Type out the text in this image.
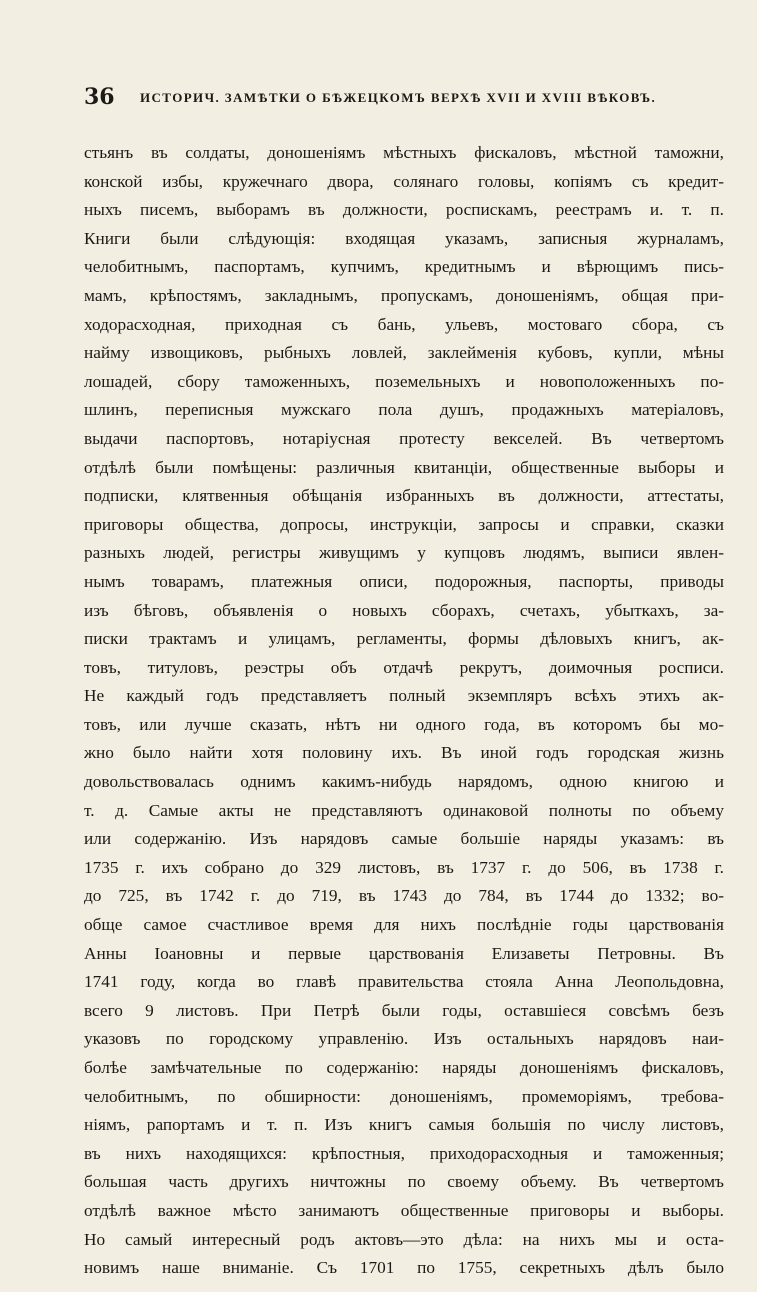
36 ИСТОРИЧ. ЗАМѢТКИ О БѢЖЕЦКОМЪ ВЕРХѢ XVII И XVIII ВѢКОВЪ.
стьянъ въ солдаты, доношеніямъ мѣстныхъ фискаловъ, мѣстной таможни,
конской избы, кружечнаго двора, солянаго головы, копіямъ съ кредит-
ныхъ писемъ, выборамъ въ должности, роспискамъ, реестрамъ и. т. п.
Книги были слѣдующія: входящая указамъ, записныя журналамъ,
челобитнымъ, паспортамъ, купчимъ, кредитнымъ и вѣрющимъ пись-
мамъ, крѣпостямъ, закладнымъ, пропускамъ, доношеніямъ, общая при-
ходорасходная, приходная съ бань, ульевъ, мостоваго сбора, съ
найму извощиковъ, рыбныхъ ловлей, заклейменія кубовъ, купли, мѣны
лошадей, сбору таможенныхъ, поземельныхъ и новоположенныхъ по-
шлинъ, переписныя мужскаго пола душъ, продажныхъ матеріаловъ,
выдачи паспортовъ, нотаріусная протесту векселей. Въ четвертомъ
отдѣлѣ были помѣщены: различныя квитанціи, общественные выборы и
подписки, клятвенныя обѣщанія избранныхъ въ должности, аттестаты,
приговоры общества, допросы, инструкціи, запросы и справки, сказки
разныхъ людей, регистры живущимъ у купцовъ людямъ, выписи явлен-
нымъ товарамъ, платежныя описи, подорожныя, паспорты, приводы
изъ бѣговъ, объявленія о новыхъ сборахъ, счетахъ, убыткахъ, за-
писки трактамъ и улицамъ, регламенты, формы дѣловыхъ книгъ, ак-
товъ, титуловъ, реэстры объ отдачѣ рекрутъ, доимочныя росписи.
Не каждый годъ представляетъ полный экземпляръ всѣхъ этихъ ак-
товъ, или лучше сказать, нѣтъ ни одного года, въ которомъ бы мо-
жно было найти хотя половину ихъ. Въ иной годъ городская жизнь
довольствовалась однимъ какимъ-нибудь нарядомъ, одною книгою и
т. д. Самые акты не представляютъ одинаковой полноты по объему
или содержанію. Изъ нарядовъ самые большіе наряды указамъ: въ
1735 г. ихъ собрано до 329 листовъ, въ 1737 г. до 506, въ 1738 г.
до 725, въ 1742 г. до 719, въ 1743 до 784, въ 1744 до 1332; во-
обще самое счастливое время для нихъ послѣдніе годы царствованія
Анны Іоановны и первые царствованія Елизаветы Петровны. Въ
1741 году, когда во главѣ правительства стояла Анна Леопольдовна,
всего 9 листовъ. При Петрѣ были годы, оставшіеся совсѣмъ безъ
указовъ по городскому управленію. Изъ остальныхъ нарядовъ наи-
болѣе замѣчательные по содержанію: наряды доношеніямъ фискаловъ,
челобитнымъ, по обширности: доношеніямъ, промеморіямъ, требова-
ніямъ, рапортамъ и т. п. Изъ книгъ самыя большія по числу листовъ,
въ нихъ находящихся: крѣпостныя, приходорасходныя и таможенныя;
большая часть другихъ ничтожны по своему объему. Въ четвертомъ
отдѣлѣ важное мѣсто занимаютъ общественные приговоры и выборы.
Но самый интересный родъ актовъ—это дѣла: на нихъ мы и оста-
новимъ наше вниманіе. Съ 1701 по 1755, секретныхъ дѣлъ было
